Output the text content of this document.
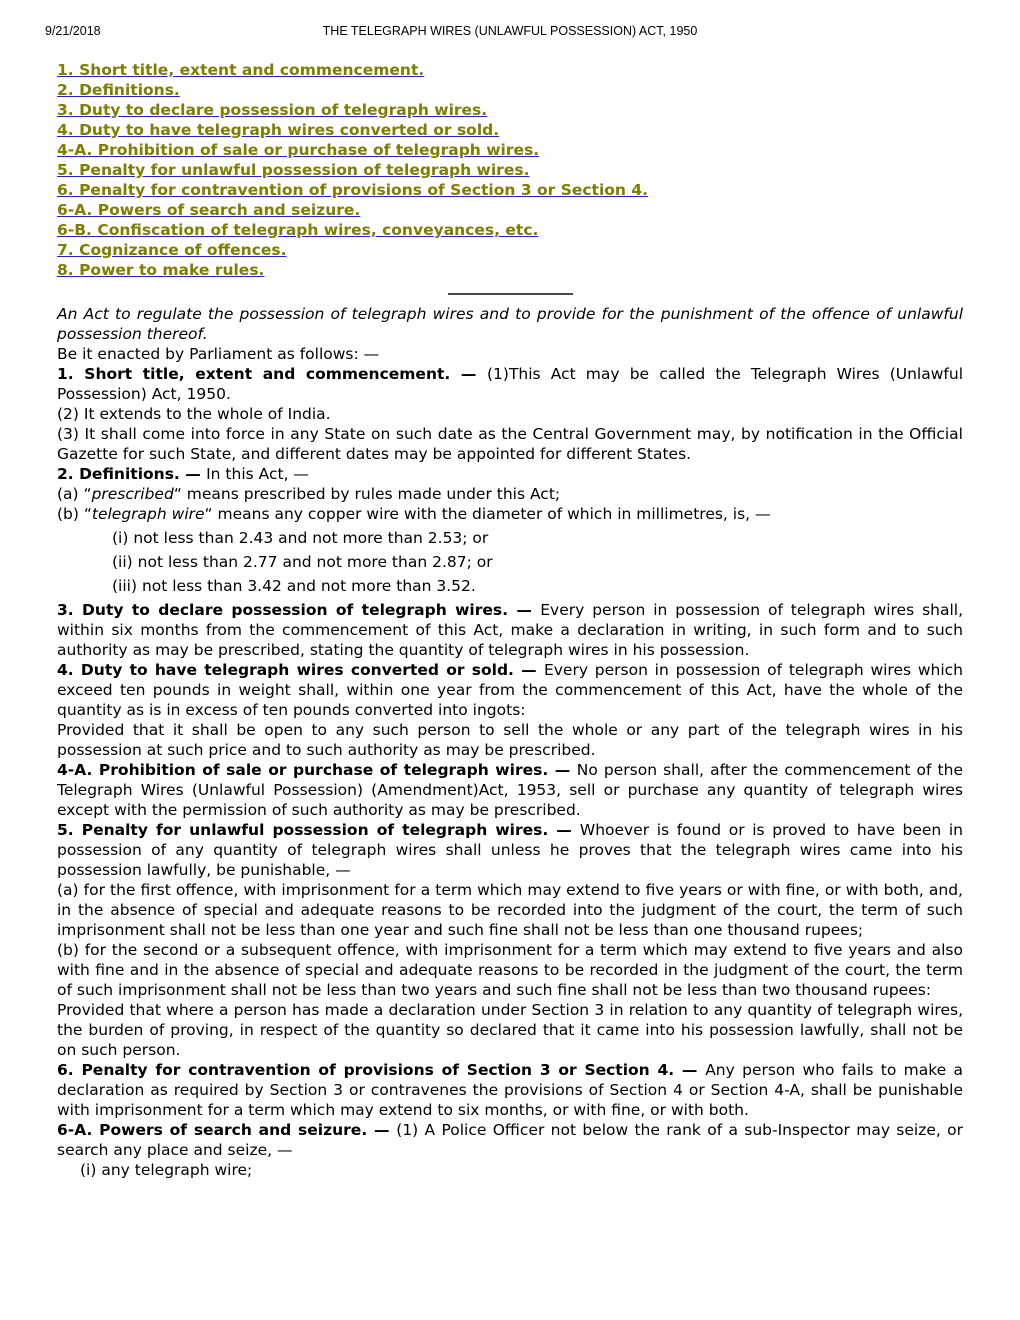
9/21/2018	THE TELEGRAPH WIRES (UNLAWFUL POSSESSION) ACT, 1950
1. Short title, extent and commencement.
2. Definitions.
3. Duty to declare possession of telegraph wires.
4. Duty to have telegraph wires converted or sold.
4-A. Prohibition of sale or purchase of telegraph wires.
5. Penalty for unlawful possession of telegraph wires.
6. Penalty for contravention of provisions of Section 3 or Section 4.
6-A. Powers of search and seizure.
6-B. Confiscation of telegraph wires, conveyances, etc.
7. Cognizance of offences.
8. Power to make rules.

An Act to regulate the possession of telegraph wires and to provide for the punishment of the offence of unlawful possession thereof.

Be it enacted by Parliament as follows: —

1. Short title, extent and commencement. — (1)This Act may be called the Telegraph Wires (Unlawful Possession) Act, 1950.

(2) It extends to the whole of India.

(3) It shall come into force in any State on such date as the Central Government may, by notification in the Official Gazette for such State, and different dates may be appointed for different States.

2. Definitions. — In this Act, —

(a) “prescribed“ means prescribed by rules made under this Act;

(b) “telegraph wire“ means any copper wire with the diameter of which in millimetres, is, —

(i) not less than 2.43 and not more than 2.53; or

(ii) not less than 2.77 and not more than 2.87; or

(iii) not less than 3.42 and not more than 3.52.

3. Duty to declare possession of telegraph wires. — Every person in possession of telegraph wires shall, within six months from the commencement of this Act, make a declaration in writing, in such form and to such authority as may be prescribed, stating the quantity of telegraph wires in his possession.

4. Duty to have telegraph wires converted or sold. — Every person in possession of telegraph wires which exceed ten pounds in weight shall, within one year from the commencement of this Act, have the whole of the quantity as is in excess of ten pounds converted into ingots:

Provided that it shall be open to any such person to sell the whole or any part of the telegraph wires in his possession at such price and to such authority as may be prescribed.

4-A. Prohibition of sale or purchase of telegraph wires. — No person shall, after the commencement of the Telegraph Wires (Unlawful Possession) (Amendment)Act, 1953, sell or purchase any quantity of telegraph wires except with the permission of such authority as may be prescribed.

5. Penalty for unlawful possession of telegraph wires. — Whoever is found or is proved to have been in possession of any quantity of telegraph wires shall unless he proves that the telegraph wires came into his possession lawfully, be punishable, —

(a) for the first offence, with imprisonment for a term which may extend to five years or with fine, or with both, and, in the absence of special and adequate reasons to be recorded into the judgment of the court, the term of such imprisonment shall not be less than one year and such fine shall not be less than one thousand rupees;

(b) for the second or a subsequent offence, with imprisonment for a term which may extend to five years and also with fine and in the absence of special and adequate reasons to be recorded in the judgment of the court, the term of such imprisonment shall not be less than two years and such fine shall not be less than two thousand rupees:

Provided that where a person has made a declaration under Section 3 in relation to any quantity of telegraph wires, the burden of proving, in respect of the quantity so declared that it came into his possession lawfully, shall not be on such person.

6. Penalty for contravention of provisions of Section 3 or Section 4. — Any person who fails to make a declaration as required by Section 3 or contravenes the provisions of Section 4 or Section 4-A, shall be punishable with imprisonment for a term which may extend to six months, or with fine, or with both.

6-A. Powers of search and seizure. — (1) A Police Officer not below the rank of a sub-Inspector may seize, or search any place and seize, —

(i) any telegraph wire;
